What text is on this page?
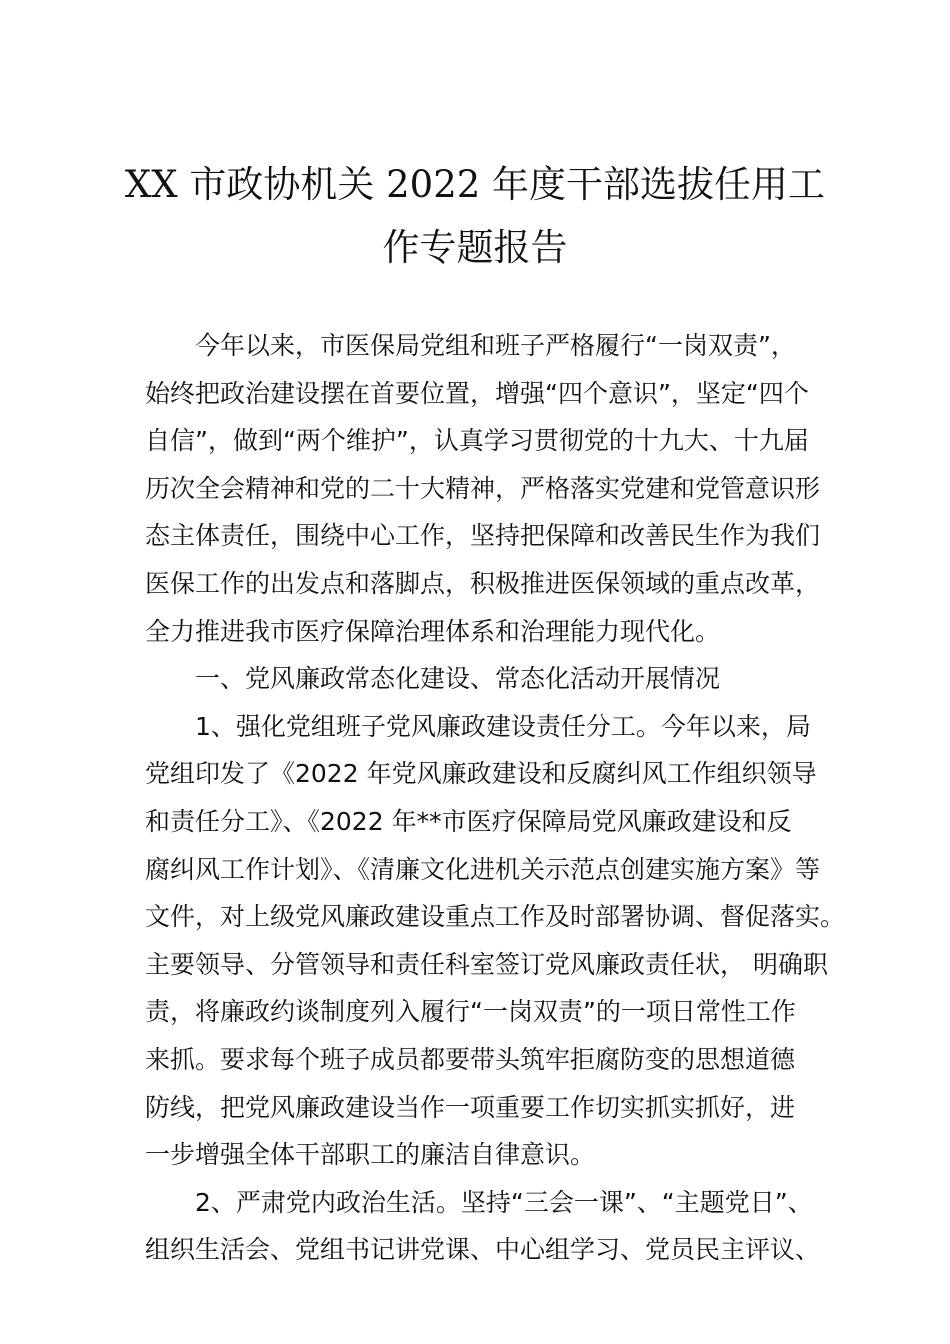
XX 市政协机关 2022 年度干部选拔任用工
作专题报告
今年以来，市医保局党组和班子严格履行“一岗双责”，
始终把政治建设摆在首要位置，增强“四个意识”，坚定“四个
自信”，做到“两个维护”，认真学习贯彻党的十九大、十九届
历次全会精神和党的二十大精神，严格落实党建和党管意识形
态主体责任，围绕中心工作，坚持把保障和改善民生作为我们
医保工作的出发点和落脚点，积极推进医保领域的重点改革，
全力推进我市医疗保障治理体系和治理能力现代化。
一、党风廉政常态化建设、常态化活动开展情况
1、强化党组班子党风廉政建设责任分工。今年以来，局
党组印发了《2022 年党风廉政建设和反腐纠风工作组织领导
和责任分工》、《2022 年**市医疗保障局党风廉政建设和反
腐纠风工作计划》、《清廉文化进机关示范点创建实施方案》等
文件，对上级党风廉政建设重点工作及时部署协调、督促落实。
主要领导、分管领导和责任科室签订党风廉政责任状， 明确职
责，将廉政约谈制度列入履行“一岗双责”的一项日常性工作
来抓。要求每个班子成员都要带头筑牢拒腐防变的思想道德
防线，把党风廉政建设当作一项重要工作切实抓实抓好，进
一步增强全体干部职工的廉洁自律意识。
2、严肃党内政治生活。坚持“三会一课”、“主题党日”、
组织生活会、党组书记讲党课、中心组学习、党员民主评议、
